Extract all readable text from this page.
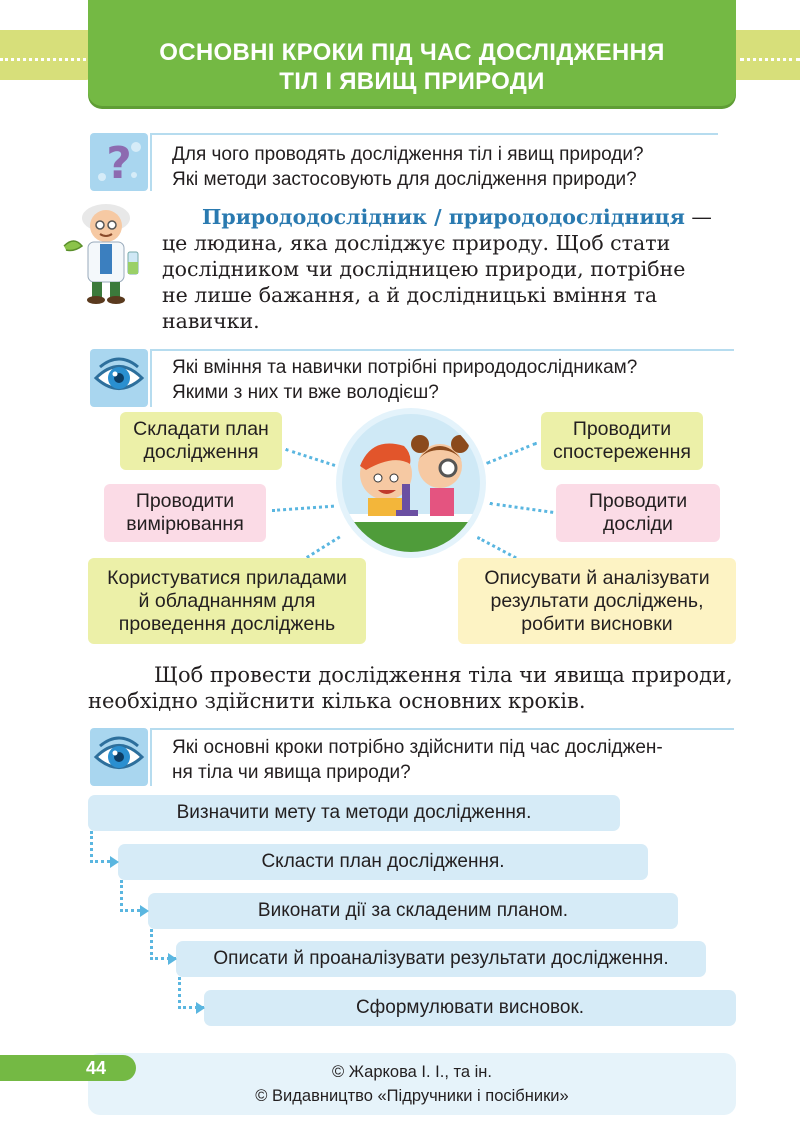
ОСНОВНІ КРОКИ ПІД ЧАС ДОСЛІДЖЕННЯ
ТІЛ І ЯВИЩ ПРИРОДИ
? Для чого проводять дослідження тіл і явищ природи?
Які методи застосовують для дослідження природи?
Природодослідник / природодослідниця —
це людина, яка досліджує природу. Щоб стати
дослідником чи дослідницею природи, потрібне
не лише бажання, а й дослідницькі вміння та
навички.
Які вміння та навички потрібні природодослідникам?
Якими з них ти вже володієш?
Складати план
дослідження
Проводити
спостереження
Проводити
вимірювання
Проводити
досліди
Користуватися приладами
й обладнанням для
проведення досліджень
Описувати й аналізувати
результати досліджень,
робити висновки
Щоб провести дослідження тіла чи явища природи,
необхідно здійснити кілька основних кроків.
Які основні кроки потрібно здійснити під час досліджен-
ня тіла чи явища природи?
Визначити мету та методи дослідження.
Скласти план дослідження.
Виконати дії за складеним планом.
Описати й проаналізувати результати дослідження.
Сформулювати висновок.
44	© Жаркова І. І., та ін.
© Видавництво «Підручники і посібники»
